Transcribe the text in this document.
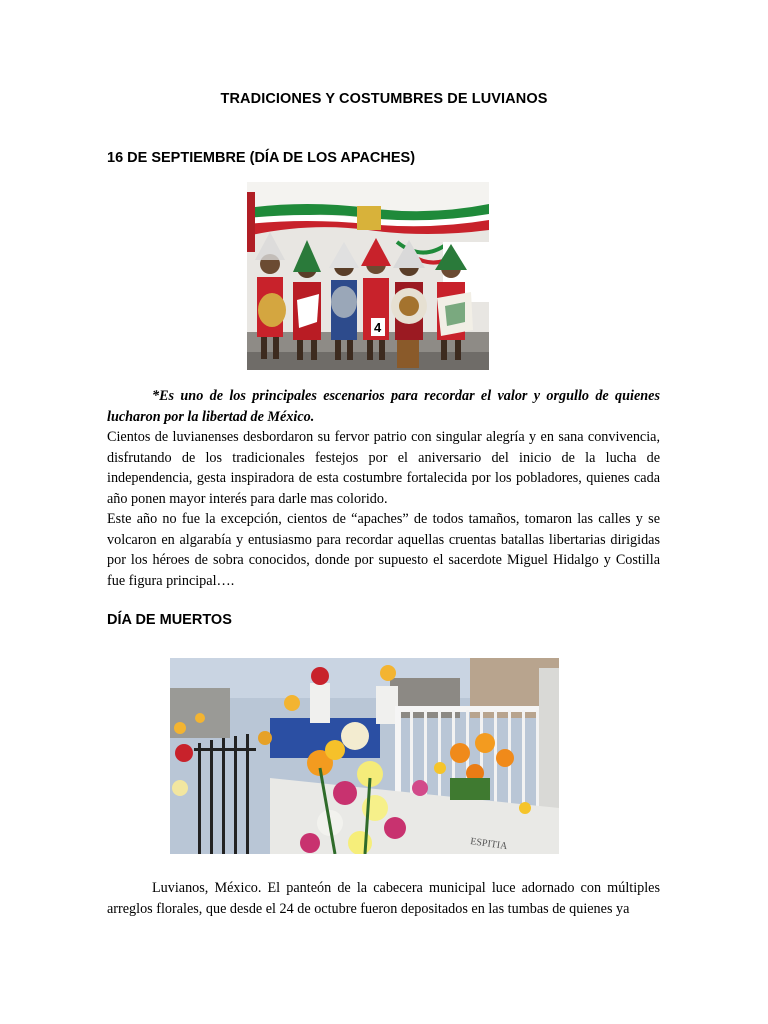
TRADICIONES Y COSTUMBRES DE LUVIANOS
16 DE SEPTIEMBRE (DÍA DE LOS APACHES)
4

*Es uno de los principales escenarios para recordar el valor y orgullo de quienes lucharon por la libertad de México.

Cientos de luvianenses desbordaron su fervor patrio con singular alegría y en sana convivencia, disfrutando de los tradicionales festejos por el aniversario del inicio de la lucha de independencia, gesta inspiradora de esta costumbre fortalecida por los pobladores, quienes cada año ponen mayor interés para darle mas colorido.

Este año no fue la excepción, cientos de “apaches” de todos tamaños, tomaron las calles y se volcaron en algarabía y entusiasmo para recordar aquellas cruentas batallas libertarias dirigidas por los héroes de sobra conocidos, donde por supuesto el sacerdote Miguel Hidalgo y Costilla fue figura principal….

DÍA DE MUERTOS
ESPITIA

Luvianos, México. El panteón de la cabecera municipal luce adornado con múltiples arreglos florales, que desde el 24 de octubre fueron depositados en las tumbas de quienes ya
